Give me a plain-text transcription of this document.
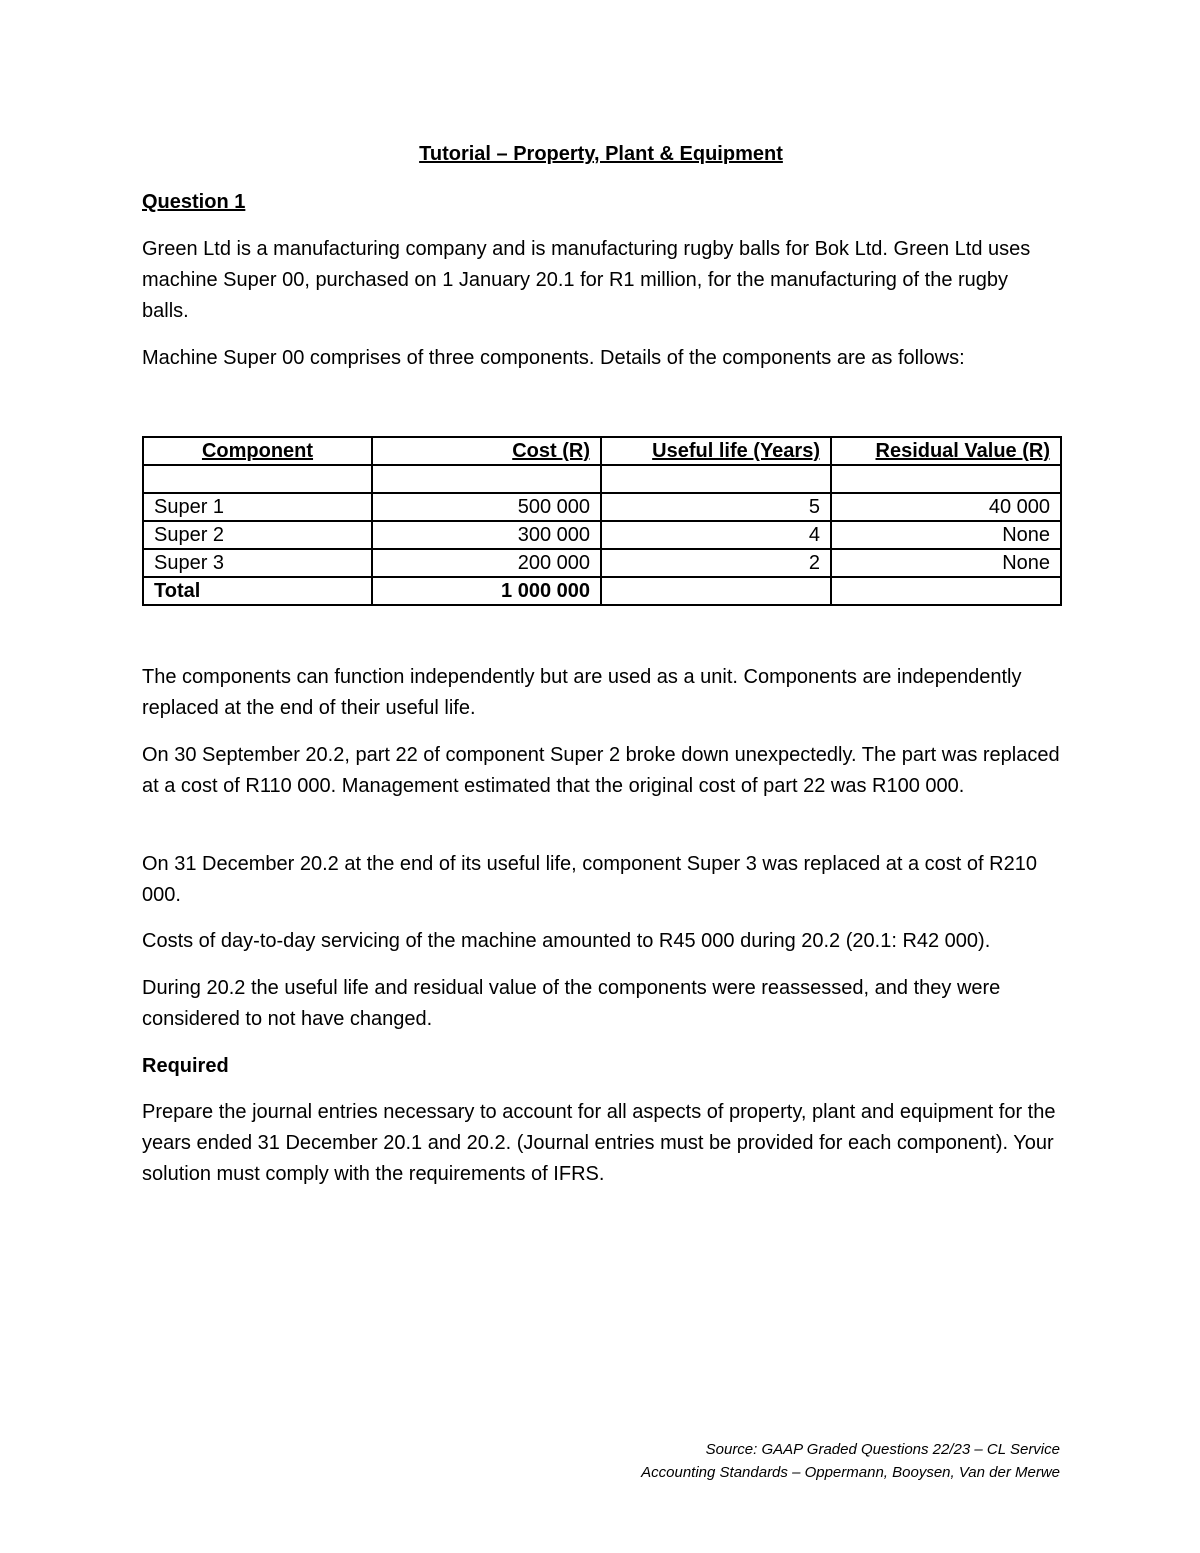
Tutorial – Property, Plant & Equipment
Question 1

Green Ltd is a manufacturing company and is manufacturing rugby balls for Bok Ltd. Green Ltd uses machine Super 00, purchased on 1 January 20.1 for R1 million, for the manufacturing of the rugby balls.

Machine Super 00 comprises of three components. Details of the components are as follows:

Component	Cost (R)	Useful life (Years)	Residual Value (R)

Super 1	500 000	5	40 000
Super 2	300 000	4	None
Super 3	200 000	2	None
Total	1 000 000		

The components can function independently but are used as a unit. Components are independently replaced at the end of their useful life.

On 30 September 20.2, part 22 of component Super 2 broke down unexpectedly. The part was replaced at a cost of R110 000. Management estimated that the original cost of part 22 was R100 000.

On 31 December 20.2 at the end of its useful life, component Super 3 was replaced at a cost of R210 000.

Costs of day-to-day servicing of the machine amounted to R45 000 during 20.2 (20.1: R42 000).

During 20.2 the useful life and residual value of the components were reassessed, and they were considered to not have changed.

Required

Prepare the journal entries necessary to account for all aspects of property, plant and equipment for the years ended 31 December 20.1 and 20.2. (Journal entries must be provided for each component). Your solution must comply with the requirements of IFRS.

Source: GAAP Graded Questions 22/23 – CL Service
Accounting Standards – Oppermann, Booysen, Van der Merwe
